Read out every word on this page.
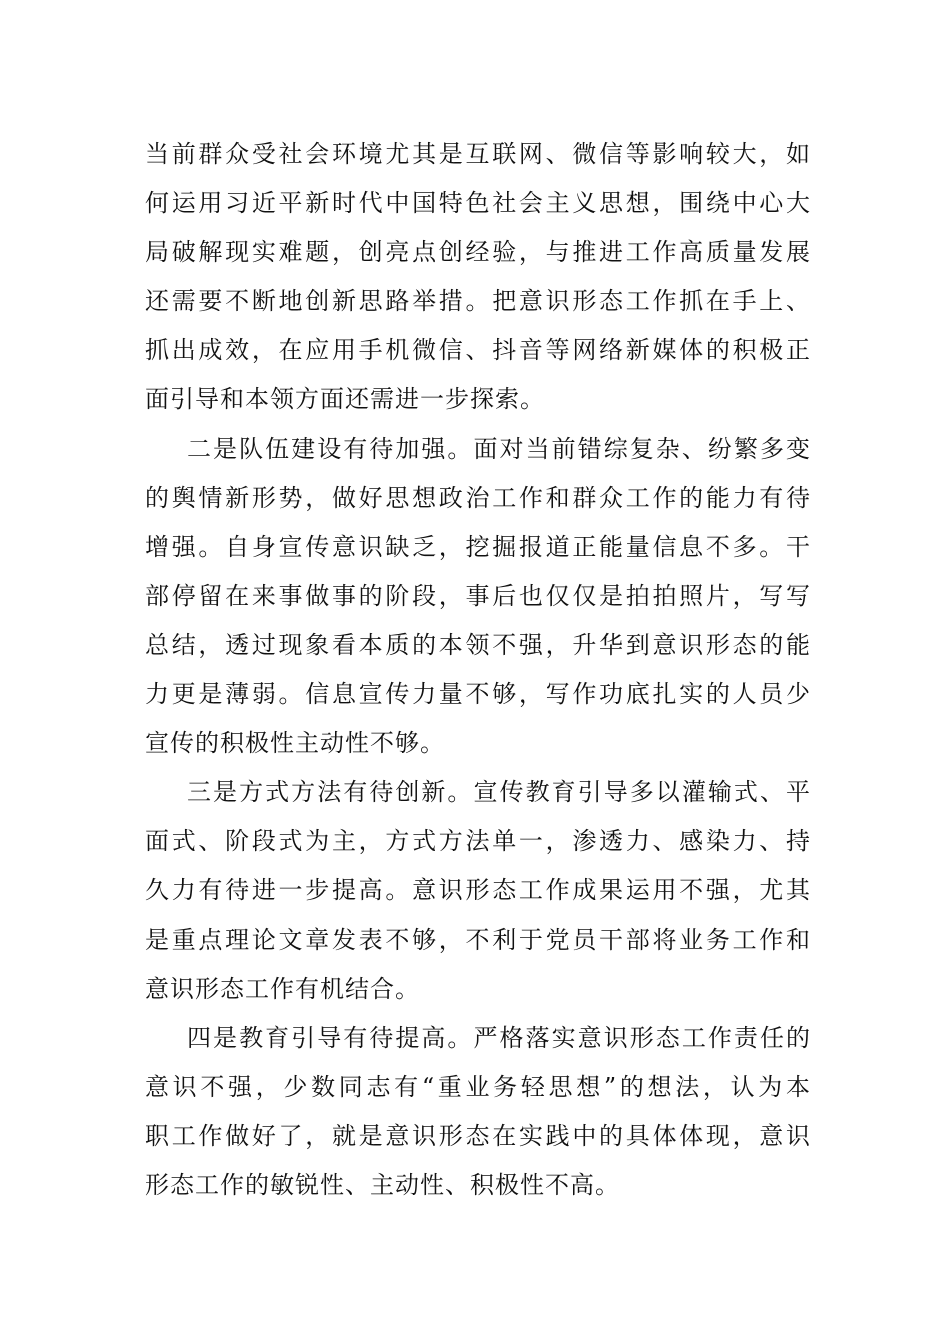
当前群众受社会环境尤其是互联网、微信等影响较大，如
何运用习近平新时代中国特色社会主义思想，围绕中心大
局破解现实难题，创亮点创经验，与推进工作高质量发展
还需要不断地创新思路举措。把意识形态工作抓在手上、
抓出成效，在应用手机微信、抖音等网络新媒体的积极正
面引导和本领方面还需进一步探索。

二是队伍建设有待加强。面对当前错综复杂、纷繁多变
的舆情新形势，做好思想政治工作和群众工作的能力有待
增强。自身宣传意识缺乏，挖掘报道正能量信息不多。干
部停留在来事做事的阶段，事后也仅仅是拍拍照片，写写
总结，透过现象看本质的本领不强，升华到意识形态的能
力更是薄弱。信息宣传力量不够，写作功底扎实的人员少
宣传的积极性主动性不够。

三是方式方法有待创新。宣传教育引导多以灌输式、平
面式、阶段式为主，方式方法单一，渗透力、感染力、持
久力有待进一步提高。意识形态工作成果运用不强，尤其
是重点理论文章发表不够，不利于党员干部将业务工作和
意识形态工作有机结合。

四是教育引导有待提高。严格落实意识形态工作责任的
意识不强，少数同志有“重业务轻思想”的想法，认为本
职工作做好了，就是意识形态在实践中的具体体现，意识
形态工作的敏锐性、主动性、积极性不高。
